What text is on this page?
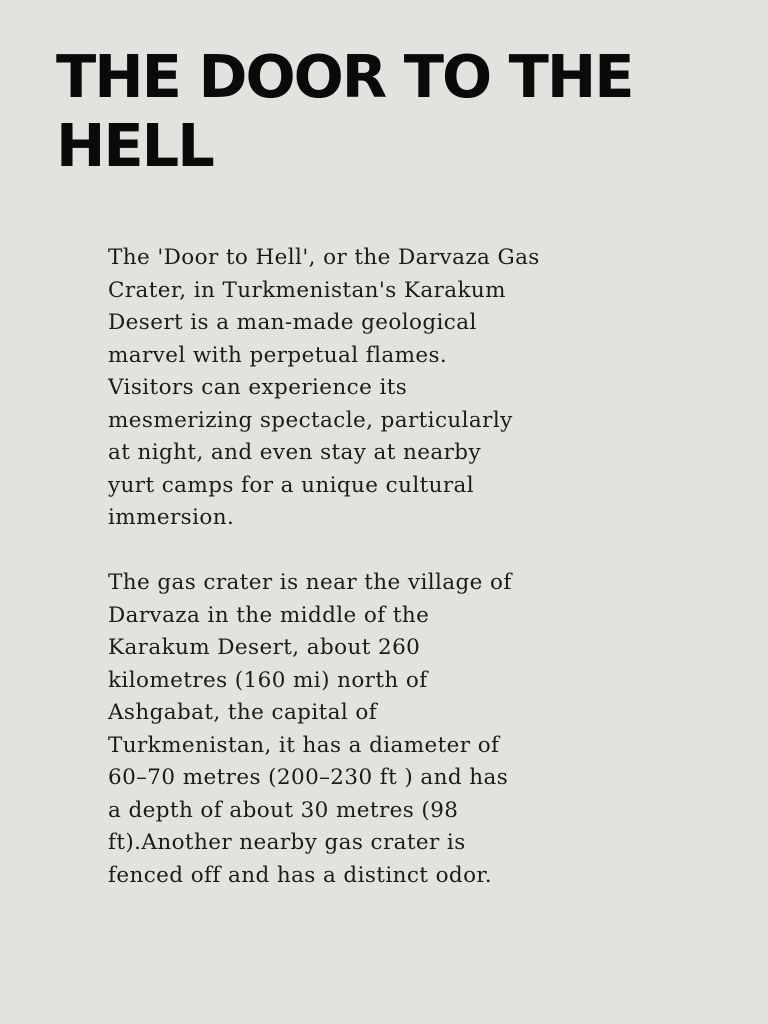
THE DOOR TO THE
HELL

The 'Door to Hell', or the Darvaza Gas
Crater, in Turkmenistan's Karakum
Desert is a man-made geological
marvel with perpetual flames.
Visitors can experience its
mesmerizing spectacle, particularly
at night, and even stay at nearby
yurt camps for a unique cultural
immersion.

The gas crater is near the village of
Darvaza in the middle of the
Karakum Desert, about 260
kilometres (160 mi) north of
Ashgabat, the capital of
Turkmenistan, it has a diameter of
60–70 metres (200–230 ft ) and has
a depth of about 30 metres (98
ft).Another nearby gas crater is
fenced off and has a distinct odor.
